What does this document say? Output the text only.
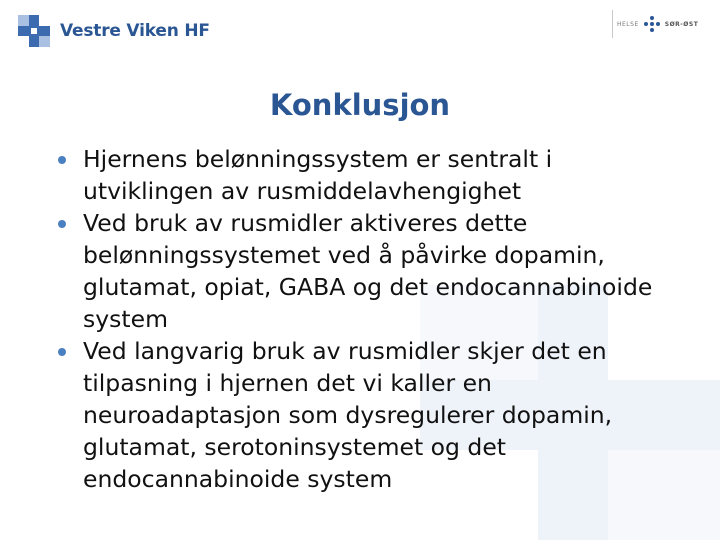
Vestre Viken HF	HELSE	SØR-ØST
Konklusjon
Hjernens belønningssystem er sentralt i utviklingen av rusmiddelavhengighet
Ved bruk av rusmidler aktiveres dette belønningssystemet ved å påvirke dopamin, glutamat, opiat, GABA og det endocannabinoide system
Ved langvarig bruk av rusmidler skjer det en tilpasning i hjernen det vi kaller en neuroadaptasjon som dysregulerer dopamin, glutamat, serotoninsystemet og det endocannabinoide system
